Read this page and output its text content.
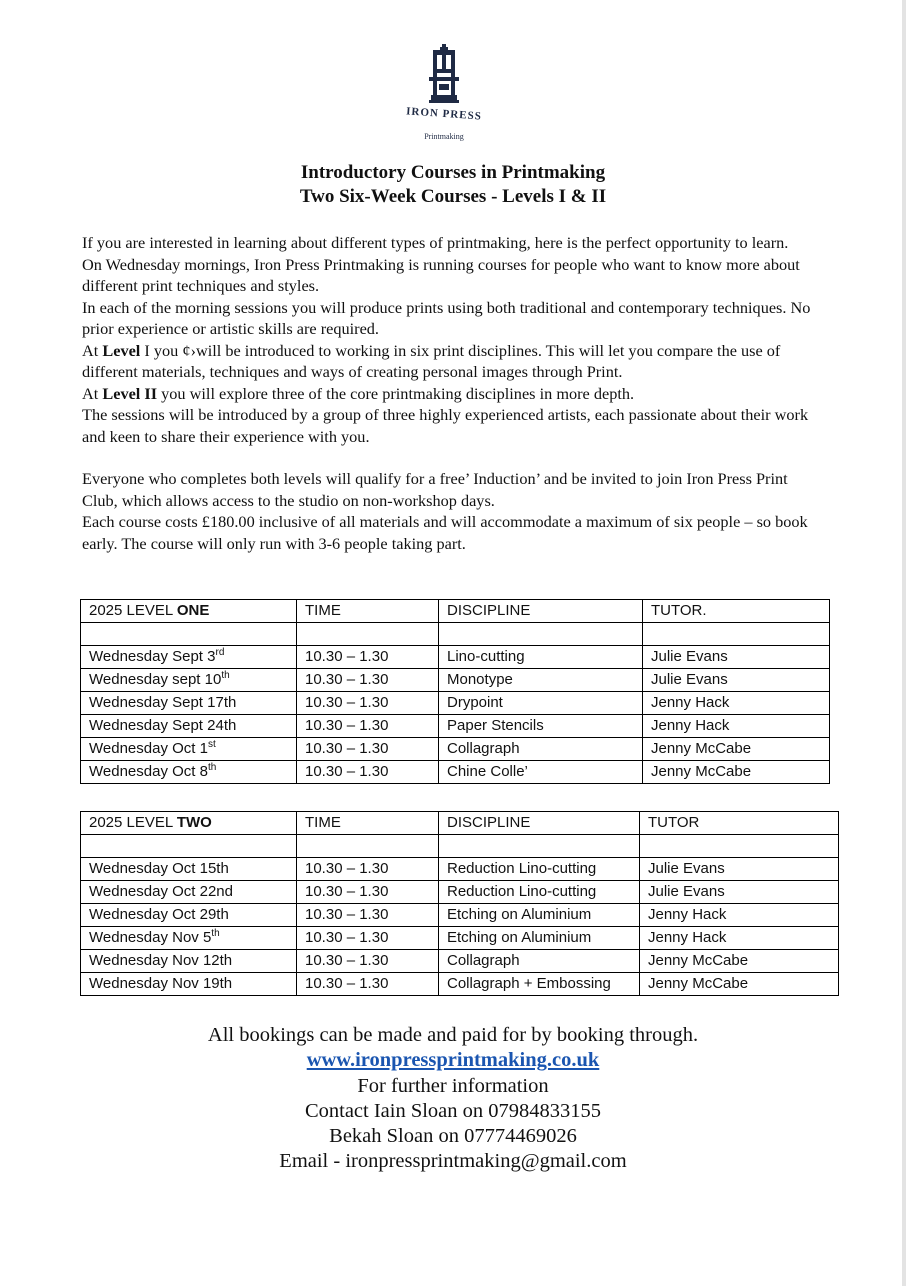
IRON PRESS
Printmaking
Introductory Courses in Printmaking
Two Six-Week Courses - Levels I & II

If you are interested in learning about different types of printmaking, here is the perfect opportunity to learn.

On Wednesday mornings, Iron Press Printmaking is running courses for people who want to know more about different print techniques and styles.

In each of the morning sessions you will produce prints using both traditional and contemporary techniques. No prior experience or artistic skills are required.

At Level I you ¢›will be introduced to working in six print disciplines. This will let you compare the use of different materials, techniques and ways of creating personal images through Print.

At Level II you will explore three of the core printmaking disciplines in more depth.

The sessions will be introduced by a group of three highly experienced artists, each passionate about their work and keen to share their experience with you.

Everyone who completes both levels will qualify for a free’ Induction’ and be invited to join Iron Press Print Club, which allows access to the studio on non-workshop days.

Each course costs £180.00 inclusive of all materials and will accommodate a maximum of six people – so book early. The course will only run with 3-6 people taking part.

2025 LEVEL ONE	TIME	DISCIPLINE	TUTOR.

Wednesday Sept 3rd	10.30 – 1.30	Lino-cutting	Julie Evans
Wednesday sept 10th	10.30 – 1.30	Monotype	Julie Evans
Wednesday Sept 17th	10.30 – 1.30	Drypoint	Jenny Hack
Wednesday Sept 24th	10.30 – 1.30	Paper Stencils	Jenny Hack
Wednesday Oct 1st	10.30 – 1.30	Collagraph	Jenny McCabe
Wednesday Oct 8th	10.30 – 1.30	Chine Colle’	Jenny McCabe
2025 LEVEL TWO	TIME	DISCIPLINE	TUTOR

Wednesday Oct 15th	10.30 – 1.30	Reduction Lino-cutting	Julie Evans
Wednesday Oct 22nd	10.30 – 1.30	Reduction Lino-cutting	Julie Evans
Wednesday Oct 29th	10.30 – 1.30	Etching on Aluminium	Jenny Hack
Wednesday Nov 5th	10.30 – 1.30	Etching on Aluminium	Jenny Hack
Wednesday Nov 12th	10.30 – 1.30	Collagraph	Jenny McCabe
Wednesday Nov 19th	10.30 – 1.30	Collagraph + Embossing	Jenny McCabe
All bookings can be made and paid for by booking through.
www.ironpressprintmaking.co.uk
For further information
Contact Iain Sloan on 07984833155
Bekah Sloan on 07774469026
Email - ironpressprintmaking@gmail.com
